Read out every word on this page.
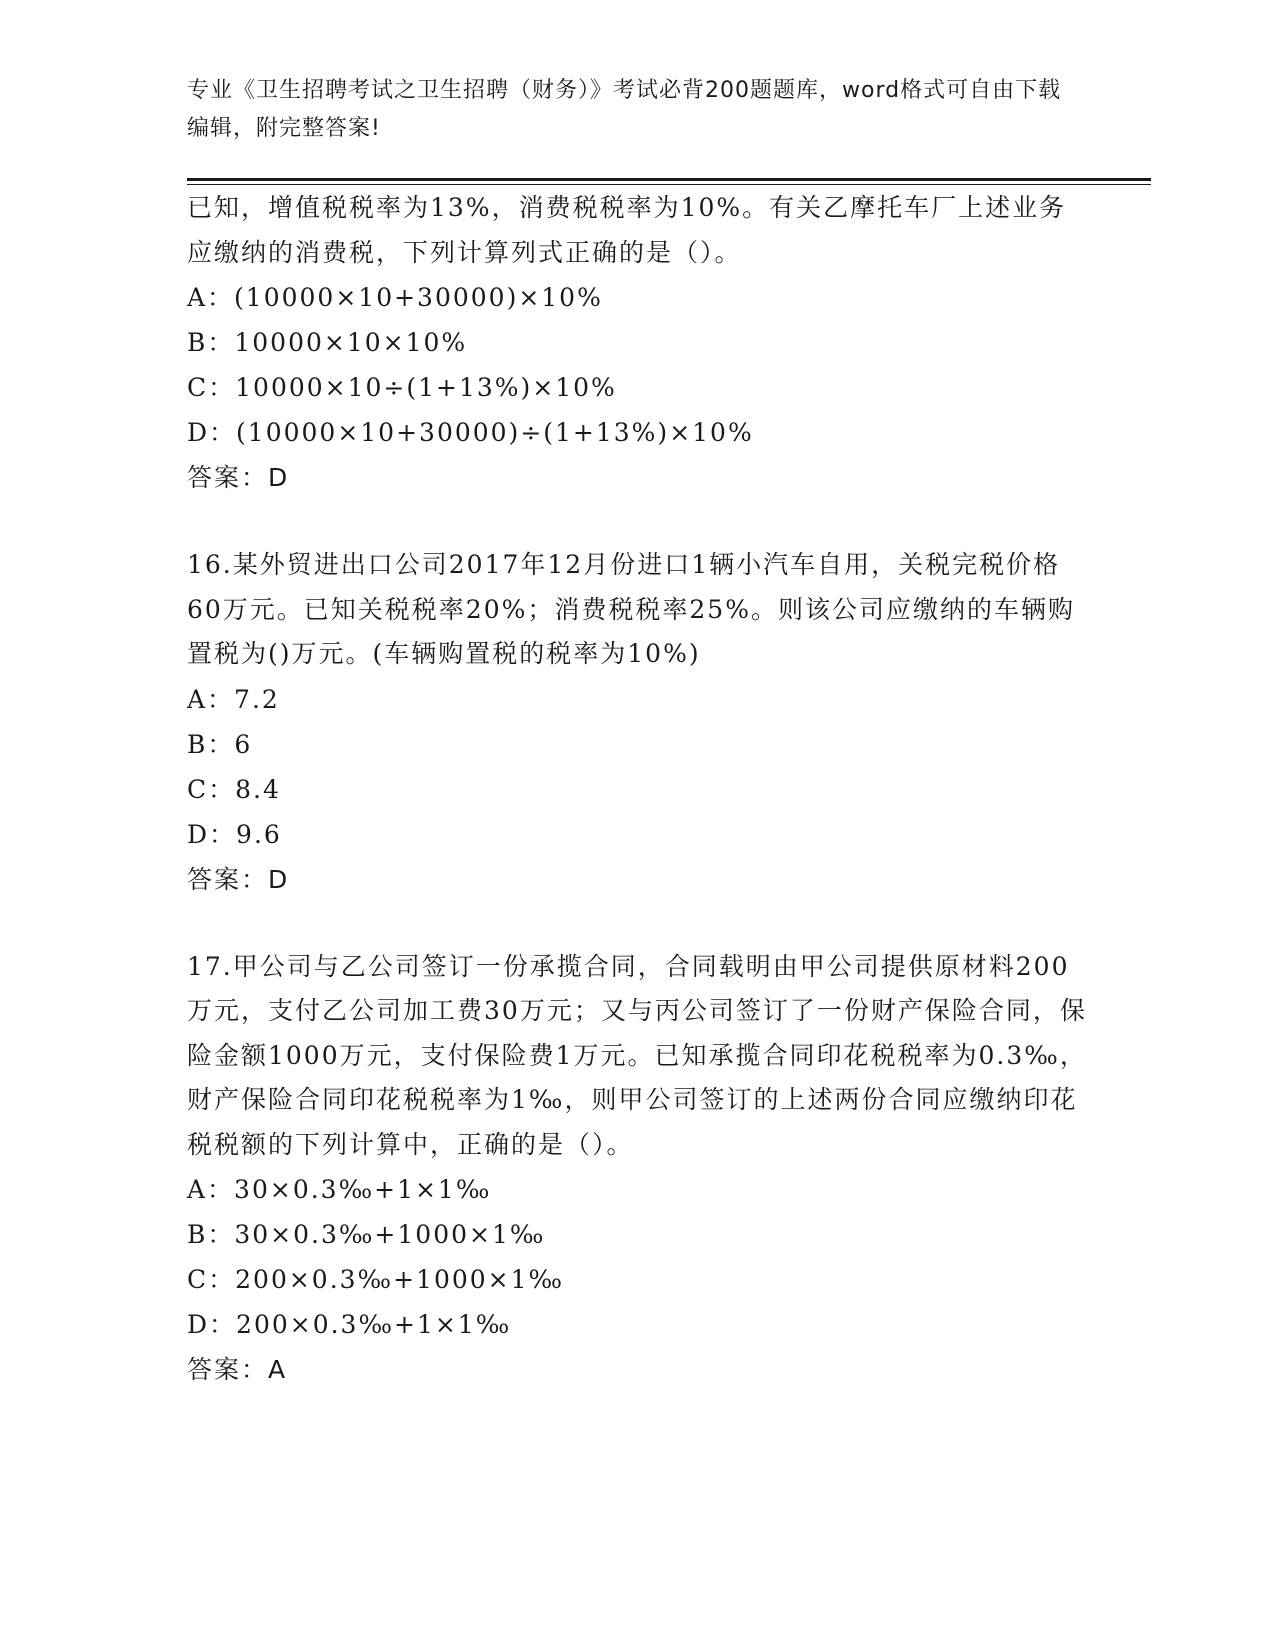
专业《卫生招聘考试之卫生招聘（财务）》考试必背200题题库，word格式可自由下载编辑，附完整答案!

已知，增值税税率为13%，消费税税率为10%。有关乙摩托车厂上述业务应缴纳的消费税，下列计算列式正确的是（）。

A：(10000×10+30000)×10%
B：10000×10×10%
C：10000×10÷(1+13%)×10%
D：(10000×10+30000)÷(1+13%)×10%
答案：D

16.某外贸进出口公司2017年12月份进口1辆小汽车自用，关税完税价格60万元。已知关税税率20%；消费税税率25%。则该公司应缴纳的车辆购置税为()万元。(车辆购置税的税率为10%)

A：7.2
B：6
C：8.4
D：9.6
答案：D

17.甲公司与乙公司签订一份承揽合同，合同载明由甲公司提供原材料200万元，支付乙公司加工费30万元；又与丙公司签订了一份财产保险合同，保险金额1000万元，支付保险费1万元。已知承揽合同印花税税率为0.3‰，财产保险合同印花税税率为1‰，则甲公司签订的上述两份合同应缴纳印花税税额的下列计算中，正确的是（）。

A：30×0.3‰+1×1‰
B：30×0.3‰+1000×1‰
C：200×0.3‰+1000×1‰
D：200×0.3‰+1×1‰
答案：A
